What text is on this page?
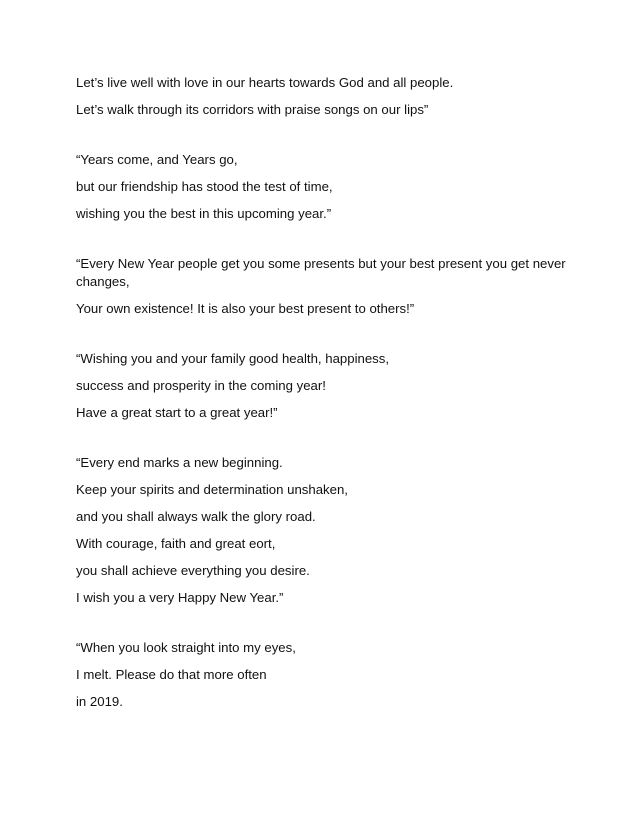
Let’s live well with love in our hearts towards God and all people.
Let’s walk through its corridors with praise songs on our lips”
“Years come, and Years go,
but our friendship has stood the test of time,
wishing you the best in this upcoming year.”
“Every New Year people get you some presents but your best present you get never changes,
Your own existence! It is also your best present to others!”
“Wishing you and your family good health, happiness,
success and prosperity in the coming year!
Have a great start to a great year!”
“Every end marks a new beginning.
Keep your spirits and determination unshaken,
and you shall always walk the glory road.
With courage, faith and great eort,
you shall achieve everything you desire.
I wish you a very Happy New Year.”
“When you look straight into my eyes,
I melt. Please do that more often
in 2019.
